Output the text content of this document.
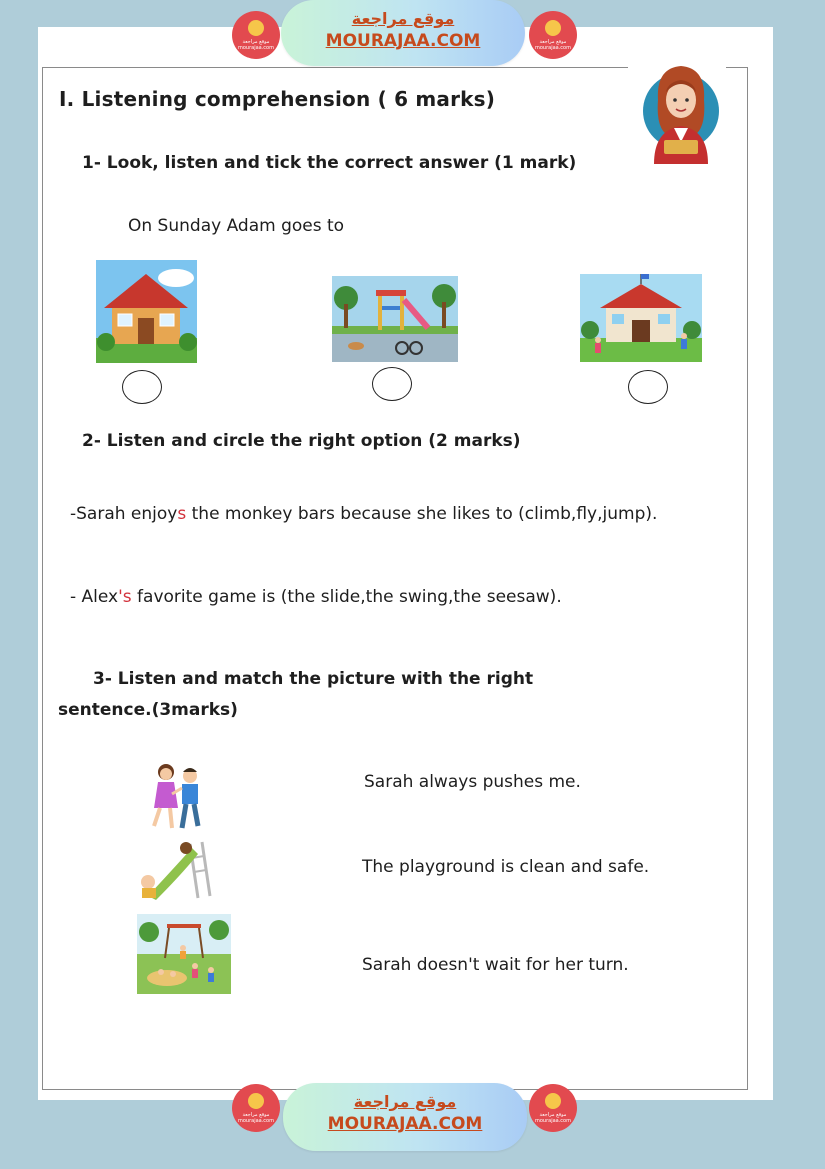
موقع مراجعة mourajaa.com
موقع مراجعة
MOURAJAA.COM	موقع مراجعة mourajaa.com
I. Listening comprehension ( 6 marks)
1- Look, listen and tick the correct answer (1 mark)
On Sunday Adam goes to
2- Listen and circle the right option (2 marks)
-Sarah enjoys the monkey bars because she likes to (climb,fly,jump).
- Alex's favorite game is (the slide,the swing,the seesaw).
3- Listen and match the picture with the right
sentence.(3marks)
Sarah always pushes me.
The playground is clean and safe.
Sarah doesn't wait for her turn.
موقع مراجعة mourajaa.com
موقع مراجعة
MOURAJAA.COM	موقع مراجعة mourajaa.com
